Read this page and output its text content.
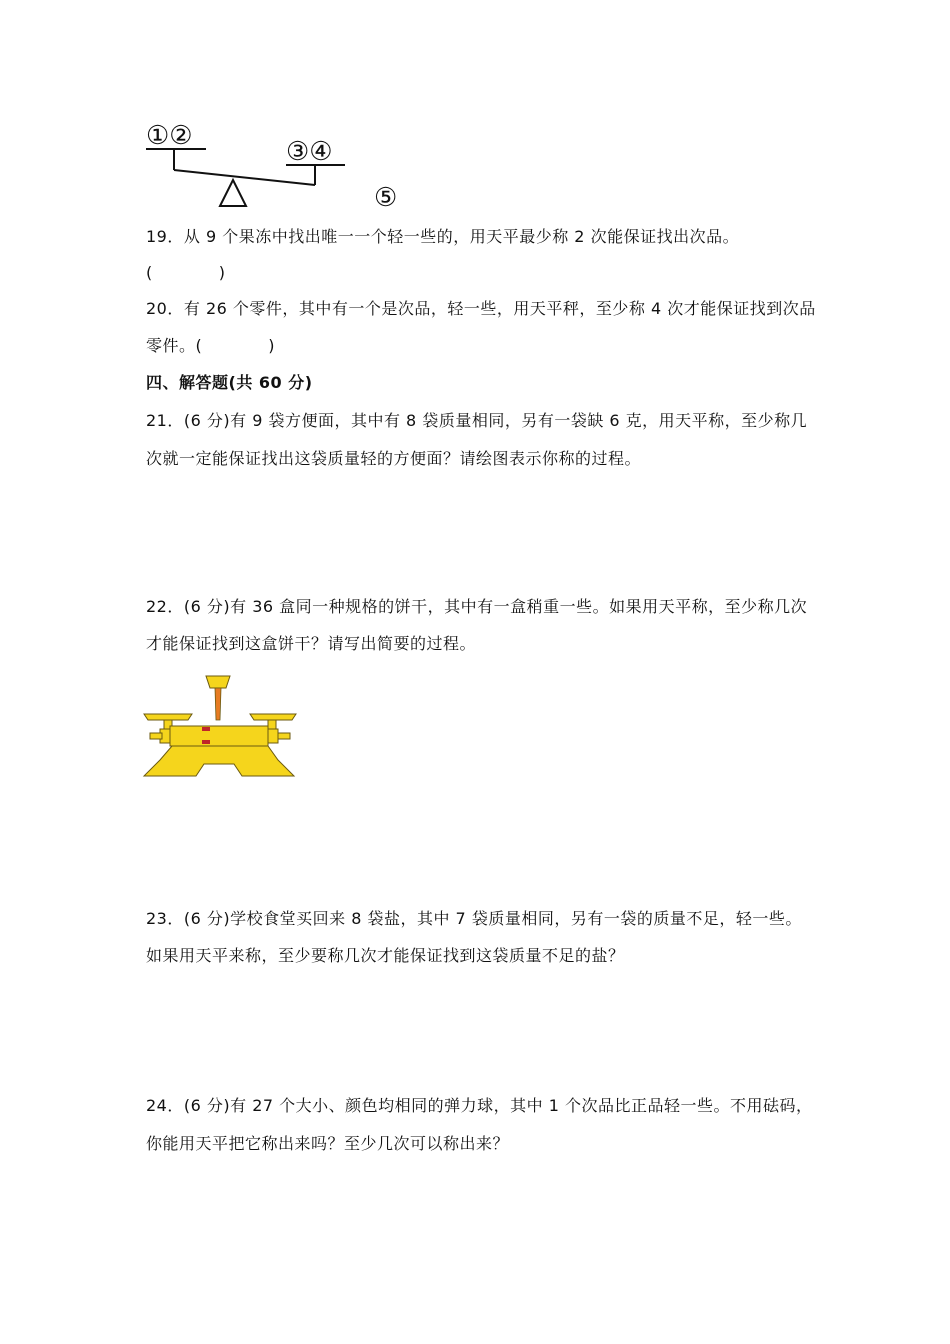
①②
③④
⑤
19．从 9 个果冻中找出唯一一个轻一些的，用天平最少称 2 次能保证找出次品。
(　　　　)
20．有 26 个零件，其中有一个是次品，轻一些，用天平秤，至少称 4 次才能保证找到次品
零件。(　　　　)
四、解答题(共 60 分)
21．(6 分)有 9 袋方便面，其中有 8 袋质量相同，另有一袋缺 6 克，用天平称，至少称几
次就一定能保证找出这袋质量轻的方便面？请绘图表示你称的过程。
22．(6 分)有 36 盒同一种规格的饼干，其中有一盒稍重一些。如果用天平称，至少称几次
才能保证找到这盒饼干？请写出简要的过程。
23．(6 分)学校食堂买回来 8 袋盐，其中 7 袋质量相同，另有一袋的质量不足，轻一些。
如果用天平来称，至少要称几次才能保证找到这袋质量不足的盐？
24．(6 分)有 27 个大小、颜色均相同的弹力球，其中 1 个次品比正品轻一些。不用砝码，
你能用天平把它称出来吗？至少几次可以称出来？
